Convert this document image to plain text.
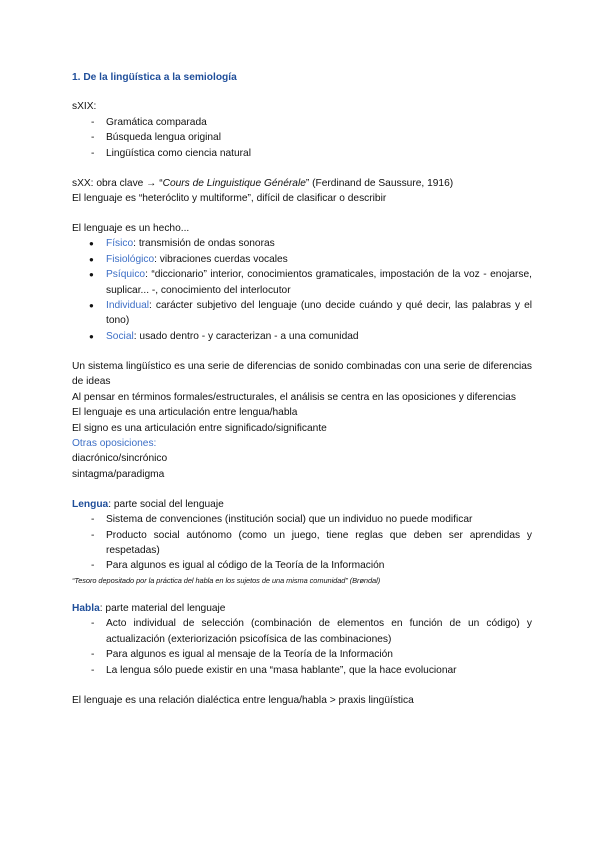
1. De la lingüística a la semiología
sXIX:
- Gramática comparada
- Búsqueda lengua original
- Lingüística como ciencia natural
sXX: obra clave → “Cours de Linguistique Générale” (Ferdinand de Saussure, 1916)
El lenguaje es “heteróclito y multiforme”, difícil de clasificar o describir
El lenguaje es un hecho...
● Físico: transmisión de ondas sonoras
● Fisiológico: vibraciones cuerdas vocales
● Psíquico: “diccionario” interior, conocimientos gramaticales, impostación de la voz - enojarse, suplicar... -, conocimiento del interlocutor
● Individual: carácter subjetivo del lenguaje (uno decide cuándo y qué decir, las palabras y el tono)
● Social: usado dentro - y caracterizan - a una comunidad
Un sistema lingüístico es una serie de diferencias de sonido combinadas con una serie de diferencias de ideas
Al pensar en términos formales/estructurales, el análisis se centra en las oposiciones y diferencias
El lenguaje es una articulación entre lengua/habla
El signo es una articulación entre significado/significante
Otras oposiciones:
diacrónico/sincrónico
sintagma/paradigma
Lengua: parte social del lenguaje
- Sistema de convenciones (institución social) que un individuo no puede modificar
- Producto social autónomo (como un juego, tiene reglas que deben ser aprendidas y respetadas)
- Para algunos es igual al código de la Teoría de la Información
“Tesoro depositado por la práctica del habla en los sujetos de una misma comunidad” (Brøndal)
Habla: parte material del lenguaje
- Acto individual de selección (combinación de elementos en función de un código) y actualización (exteriorización psicofísica de las combinaciones)
- Para algunos es igual al mensaje de la Teoría de la Información
- La lengua sólo puede existir en una “masa hablante”, que la hace evolucionar
El lenguaje es una relación dialéctica entre lengua/habla > praxis lingüística
